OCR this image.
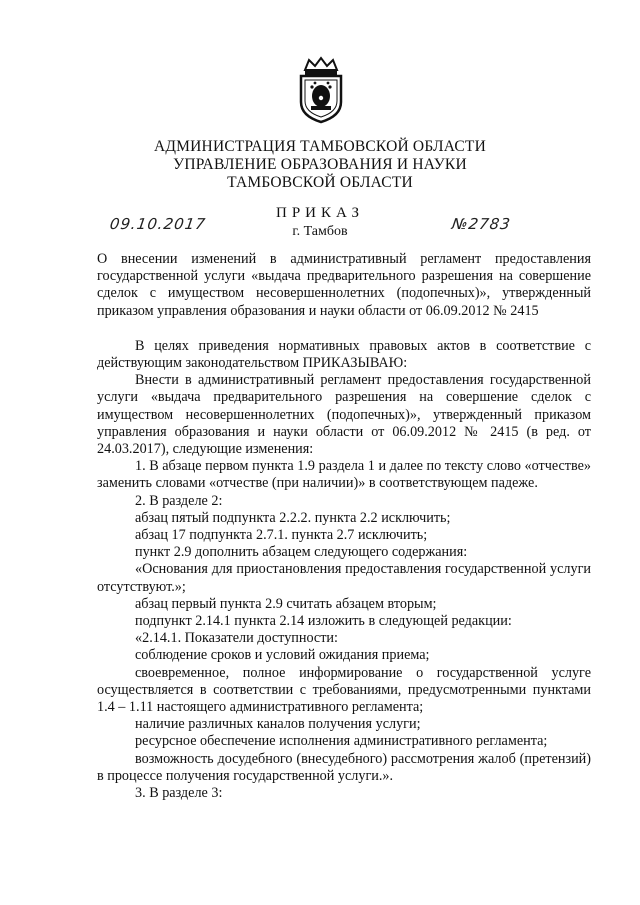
АДМИНИСТРАЦИЯ ТАМБОВСКОЙ ОБЛАСТИ
УПРАВЛЕНИЕ ОБРАЗОВАНИЯ И НАУКИ
ТАМБОВСКОЙ ОБЛАСТИ
ПРИКАЗ
г. Тамбов
09.10.2017	№2783

О внесении изменений в административный регламент предоставления государственной услуги «выдача предварительного разрешения на совершение сделок с имуществом несовершеннолетних (подопечных)», утвержденный приказом управления образования и науки области от 06.09.2012 № 2415

В целях приведения нормативных правовых актов в соответствие с действующим законодательством ПРИКАЗЫВАЮ:

Внести в административный регламент предоставления государственной услуги «выдача предварительного разрешения на совершение сделок с имуществом несовершеннолетних (подопечных)», утвержденный приказом управления образования и науки области от 06.09.2012 № 2415 (в ред. от 24.03.2017), следующие изменения:

1. В абзаце первом пункта 1.9 раздела 1 и далее по тексту слово «отчестве» заменить словами «отчестве (при наличии)» в соответствующем падеже.

2. В разделе 2:

абзац пятый подпункта 2.2.2. пункта 2.2 исключить;

абзац 17 подпункта 2.7.1. пункта 2.7 исключить;

пункт 2.9 дополнить абзацем следующего содержания:

«Основания для приостановления предоставления государственной услуги отсутствуют.»;

абзац первый пункта 2.9 считать абзацем вторым;

подпункт 2.14.1 пункта 2.14 изложить в следующей редакции:

«2.14.1. Показатели доступности:

соблюдение сроков и условий ожидания приема;

своевременное, полное информирование о государственной услуге осуществляется в соответствии с требованиями, предусмотренными пунктами 1.4 – 1.11 настоящего административного регламента;

наличие различных каналов получения услуги;

ресурсное обеспечение исполнения административного регламента;

возможность досудебного (внесудебного) рассмотрения жалоб (претензий) в процессе получения государственной услуги.».

3. В разделе 3:
